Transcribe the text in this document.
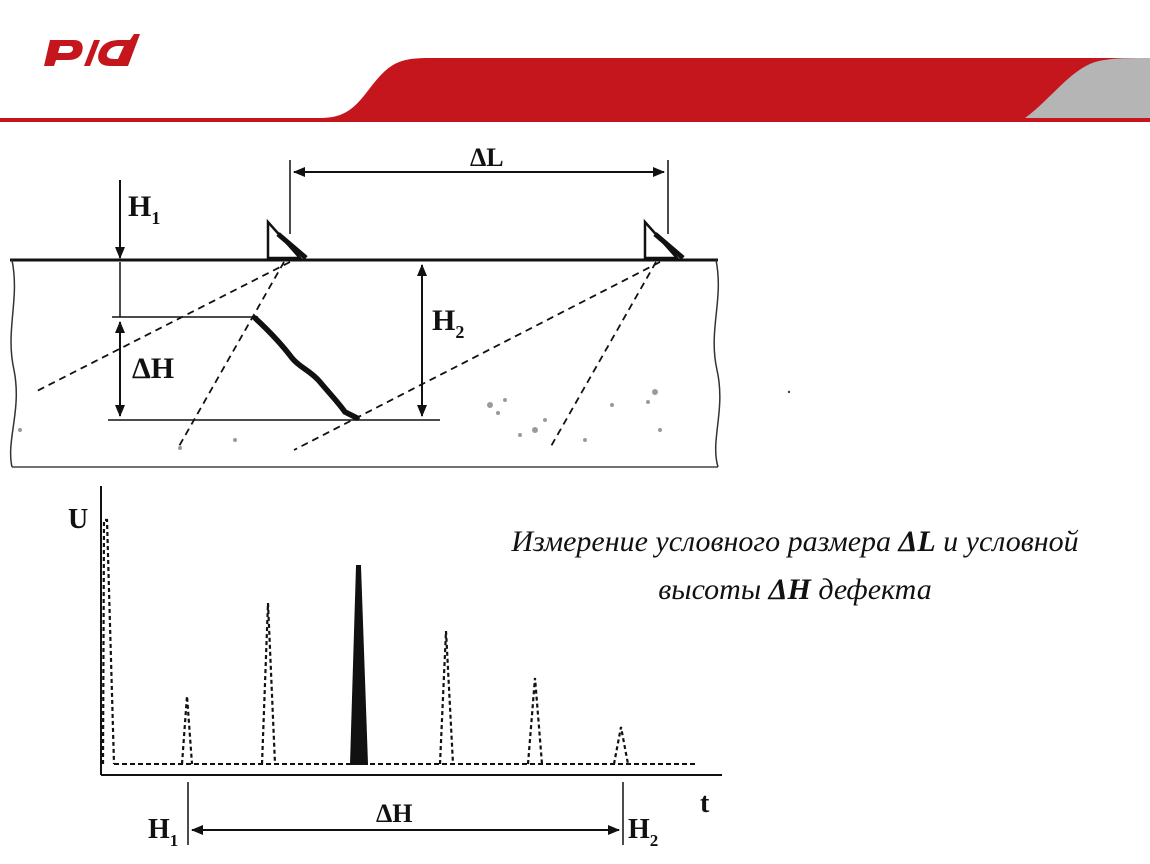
$H_1$
ΔH
$H_2$
ΔL
U
t
$H_1$	$H_2$
ΔH
Измерение условного размера ΔL и условной
высоты ΔH дефекта
